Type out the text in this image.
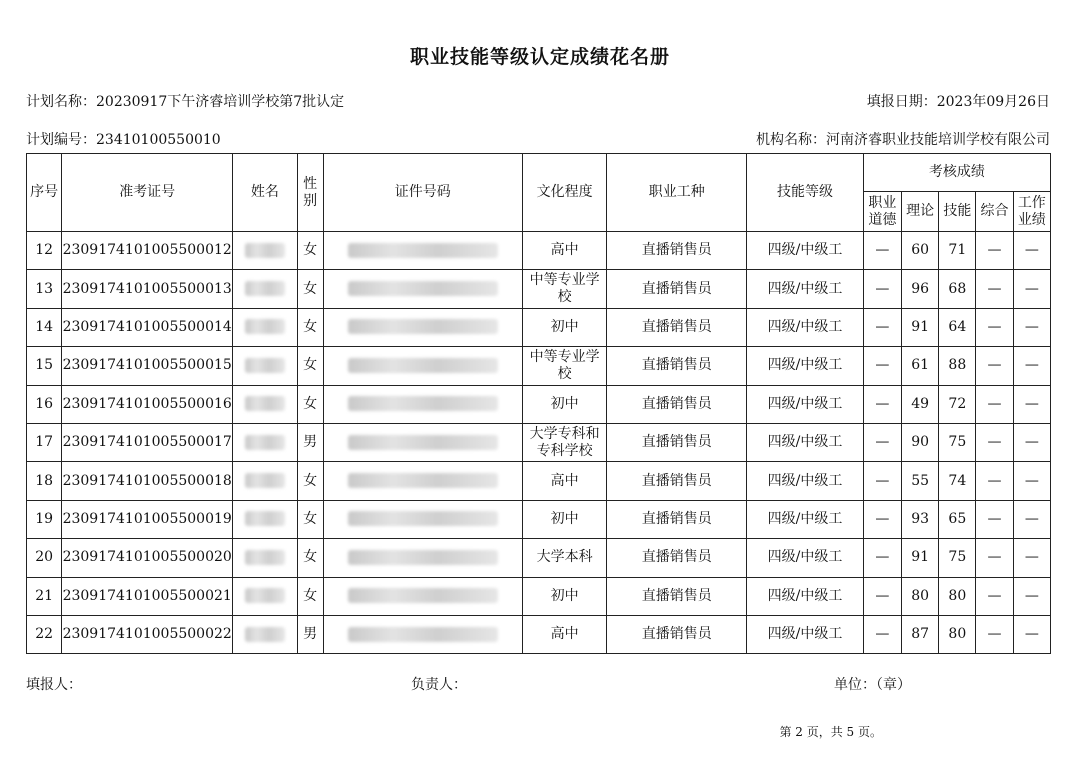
职业技能等级认定成绩花名册
计划名称：20230917下午济睿培训学校第7批认定	填报日期：2023年09月26日
计划编号：23410100550010	机构名称：河南济睿职业技能培训学校有限公司
序号	准考证号	姓名	性别	证件号码	文化程度	职业工种	技能等级	考核成绩				
								职业道德	理论	技能	综合	工作业绩
12	2309174101005500012		女		高中	直播销售员	四级/中级工	—	60	71	—	—
13	2309174101005500013		女		中等专业学校	直播销售员	四级/中级工	—	96	68	—	—
14	2309174101005500014		女		初中	直播销售员	四级/中级工	—	91	64	—	—
15	2309174101005500015		女		中等专业学校	直播销售员	四级/中级工	—	61	88	—	—
16	2309174101005500016		女		初中	直播销售员	四级/中级工	—	49	72	—	—
17	2309174101005500017		男		大学专科和专科学校	直播销售员	四级/中级工	—	90	75	—	—
18	2309174101005500018		女		高中	直播销售员	四级/中级工	—	55	74	—	—
19	2309174101005500019		女		初中	直播销售员	四级/中级工	—	93	65	—	—
20	2309174101005500020		女		大学本科	直播销售员	四级/中级工	—	91	75	—	—
21	2309174101005500021		女		初中	直播销售员	四级/中级工	—	80	80	—	—
22	2309174101005500022		男		高中	直播销售员	四级/中级工	—	87	80	—	—
填报人：	负责人：	单位：（章）
第 2 页，共 5 页。
